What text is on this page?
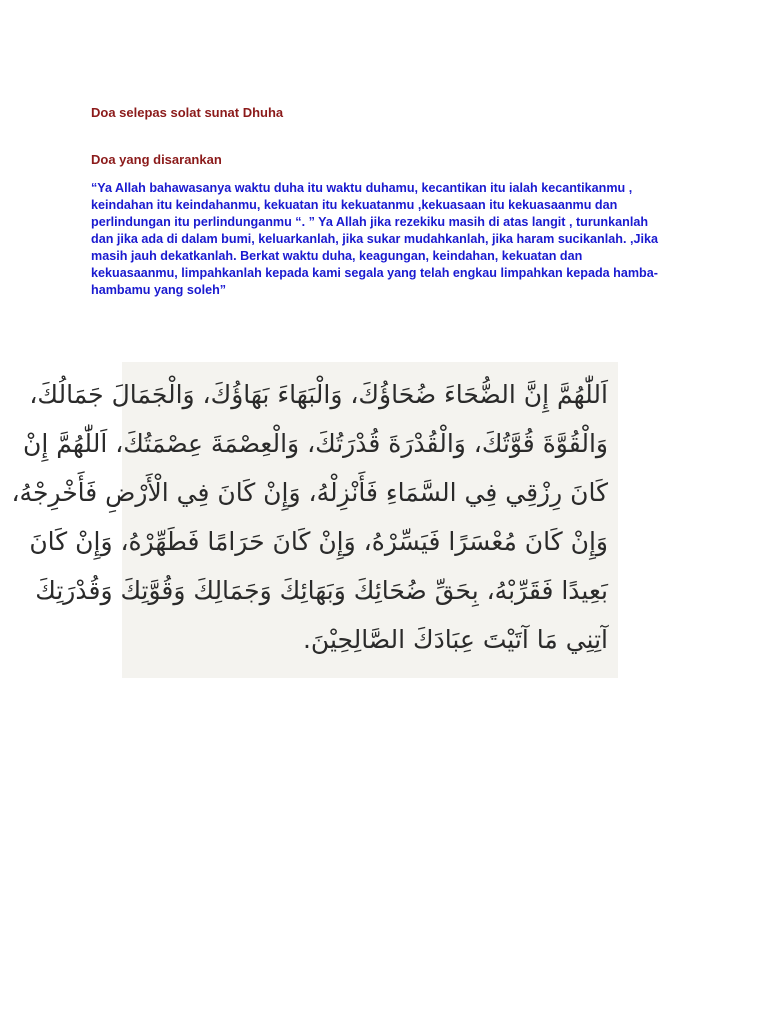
Doa selepas solat sunat Dhuha
Doa yang disarankan

“Ya Allah bahawasanya waktu duha itu waktu duhamu, kecantikan itu ialah kecantikanmu , keindahan itu keindahanmu, kekuatan itu kekuatanmu ,kekuasaan itu kekuasaanmu dan perlindungan itu perlindunganmu “. ” Ya Allah jika rezekiku masih di atas langit , turunkanlah dan jika ada di dalam bumi, keluarkanlah, jika sukar mudahkanlah, jika haram sucikanlah. ,Jika masih jauh dekatkanlah. Berkat waktu duha, keagungan, keindahan, kekuatan dan kekuasaanmu, limpahkanlah kepada kami segala yang telah engkau limpahkan kepada hamba-hambamu yang soleh”

اَللّٰهُمَّ إِنَّ الضُّحَاءَ ضُحَاؤُكَ، وَالْبَهَاءَ بَهَاؤُكَ، وَالْجَمَالَ جَمَالُكَ،
وَالْقُوَّةَ قُوَّتُكَ، وَالْقُدْرَةَ قُدْرَتُكَ، وَالْعِصْمَةَ عِصْمَتُكَ، اَللّٰهُمَّ إِنْ
كَانَ رِزْقِي فِي السَّمَاءِ فَأَنْزِلْهُ، وَإِنْ كَانَ فِي الْأَرْضِ فَأَخْرِجْهُ،
وَإِنْ كَانَ مُعْسَرًا فَيَسِّرْهُ، وَإِنْ كَانَ حَرَامًا فَطَهِّرْهُ، وَإِنْ كَانَ
بَعِيدًا فَقَرِّبْهُ، بِحَقِّ ضُحَائِكَ وَبَهَائِكَ وَجَمَالِكَ وَقُوَّتِكَ وَقُدْرَتِكَ
آتِنِي مَا آتَيْتَ عِبَادَكَ الصَّالِحِيْنَ.
